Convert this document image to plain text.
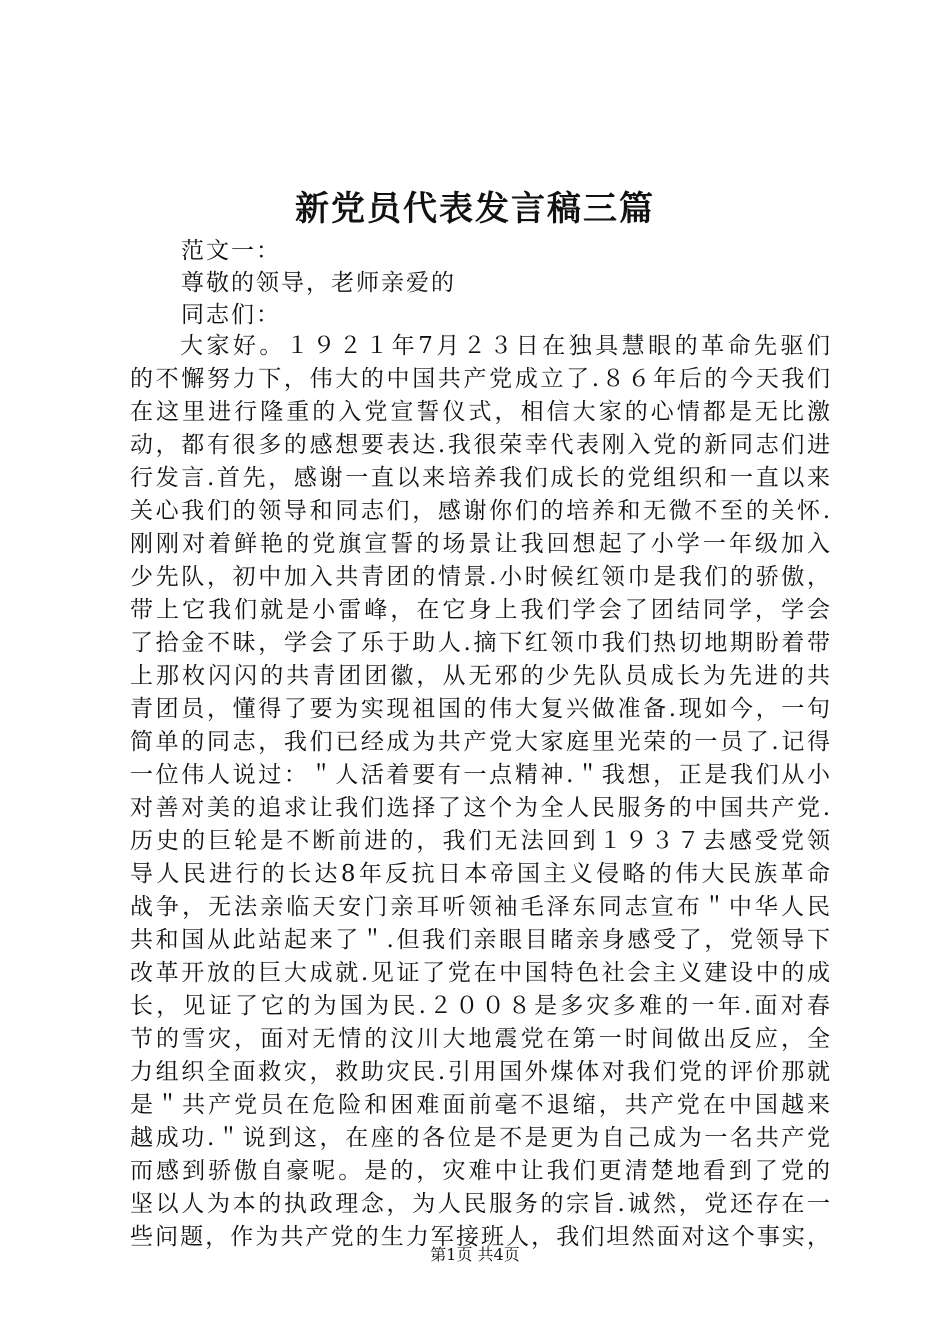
新党员代表发言稿三篇
范文一：
尊敬的领导，老师亲爱的
同志们：
大家好。１９２１年7月２３日在独具慧眼的革命先驱们
的不懈努力下，伟大的中国共产党成立了.８６年后的今天我们
在这里进行隆重的入党宣誓仪式，相信大家的心情都是无比激
动，都有很多的感想要表达.我很荣幸代表刚入党的新同志们进
行发言.首先，感谢一直以来培养我们成长的党组织和一直以来
关心我们的领导和同志们，感谢你们的培养和无微不至的关怀.
刚刚对着鲜艳的党旗宣誓的场景让我回想起了小学一年级加入
少先队，初中加入共青团的情景.小时候红领巾是我们的骄傲，
带上它我们就是小雷峰，在它身上我们学会了团结同学，学会
了拾金不昧，学会了乐于助人.摘下红领巾我们热切地期盼着带
上那枚闪闪的共青团团徽，从无邪的少先队员成长为先进的共
青团员，懂得了要为实现祖国的伟大复兴做准备.现如今，一句
简单的同志，我们已经成为共产党大家庭里光荣的一员了.记得
一位伟人说过：＂人活着要有一点精神.＂我想，正是我们从小
对善对美的追求让我们选择了这个为全人民服务的中国共产党.
历史的巨轮是不断前进的，我们无法回到１９３７去感受党领
导人民进行的长达8年反抗日本帝国主义侵略的伟大民族革命
战争，无法亲临天安门亲耳听领袖毛泽东同志宣布＂中华人民
共和国从此站起来了＂.但我们亲眼目睹亲身感受了，党领导下
改革开放的巨大成就.见证了党在中国特色社会主义建设中的成
长，见证了它的为国为民.２００８是多灾多难的一年.面对春
节的雪灾，面对无情的汶川大地震党在第一时间做出反应，全
力组织全面救灾，救助灾民.引用国外煤体对我们党的评价那就
是＂共产党员在危险和困难面前毫不退缩，共产党在中国越来
越成功.＂说到这，在座的各位是不是更为自己成为一名共产党
而感到骄傲自豪呢。是的，灾难中让我们更清楚地看到了党的
坚以人为本的执政理念，为人民服务的宗旨.诚然，党还存在一
些问题，作为共产党的生力军接班人，我们坦然面对这个事实，
第1页 共4页
